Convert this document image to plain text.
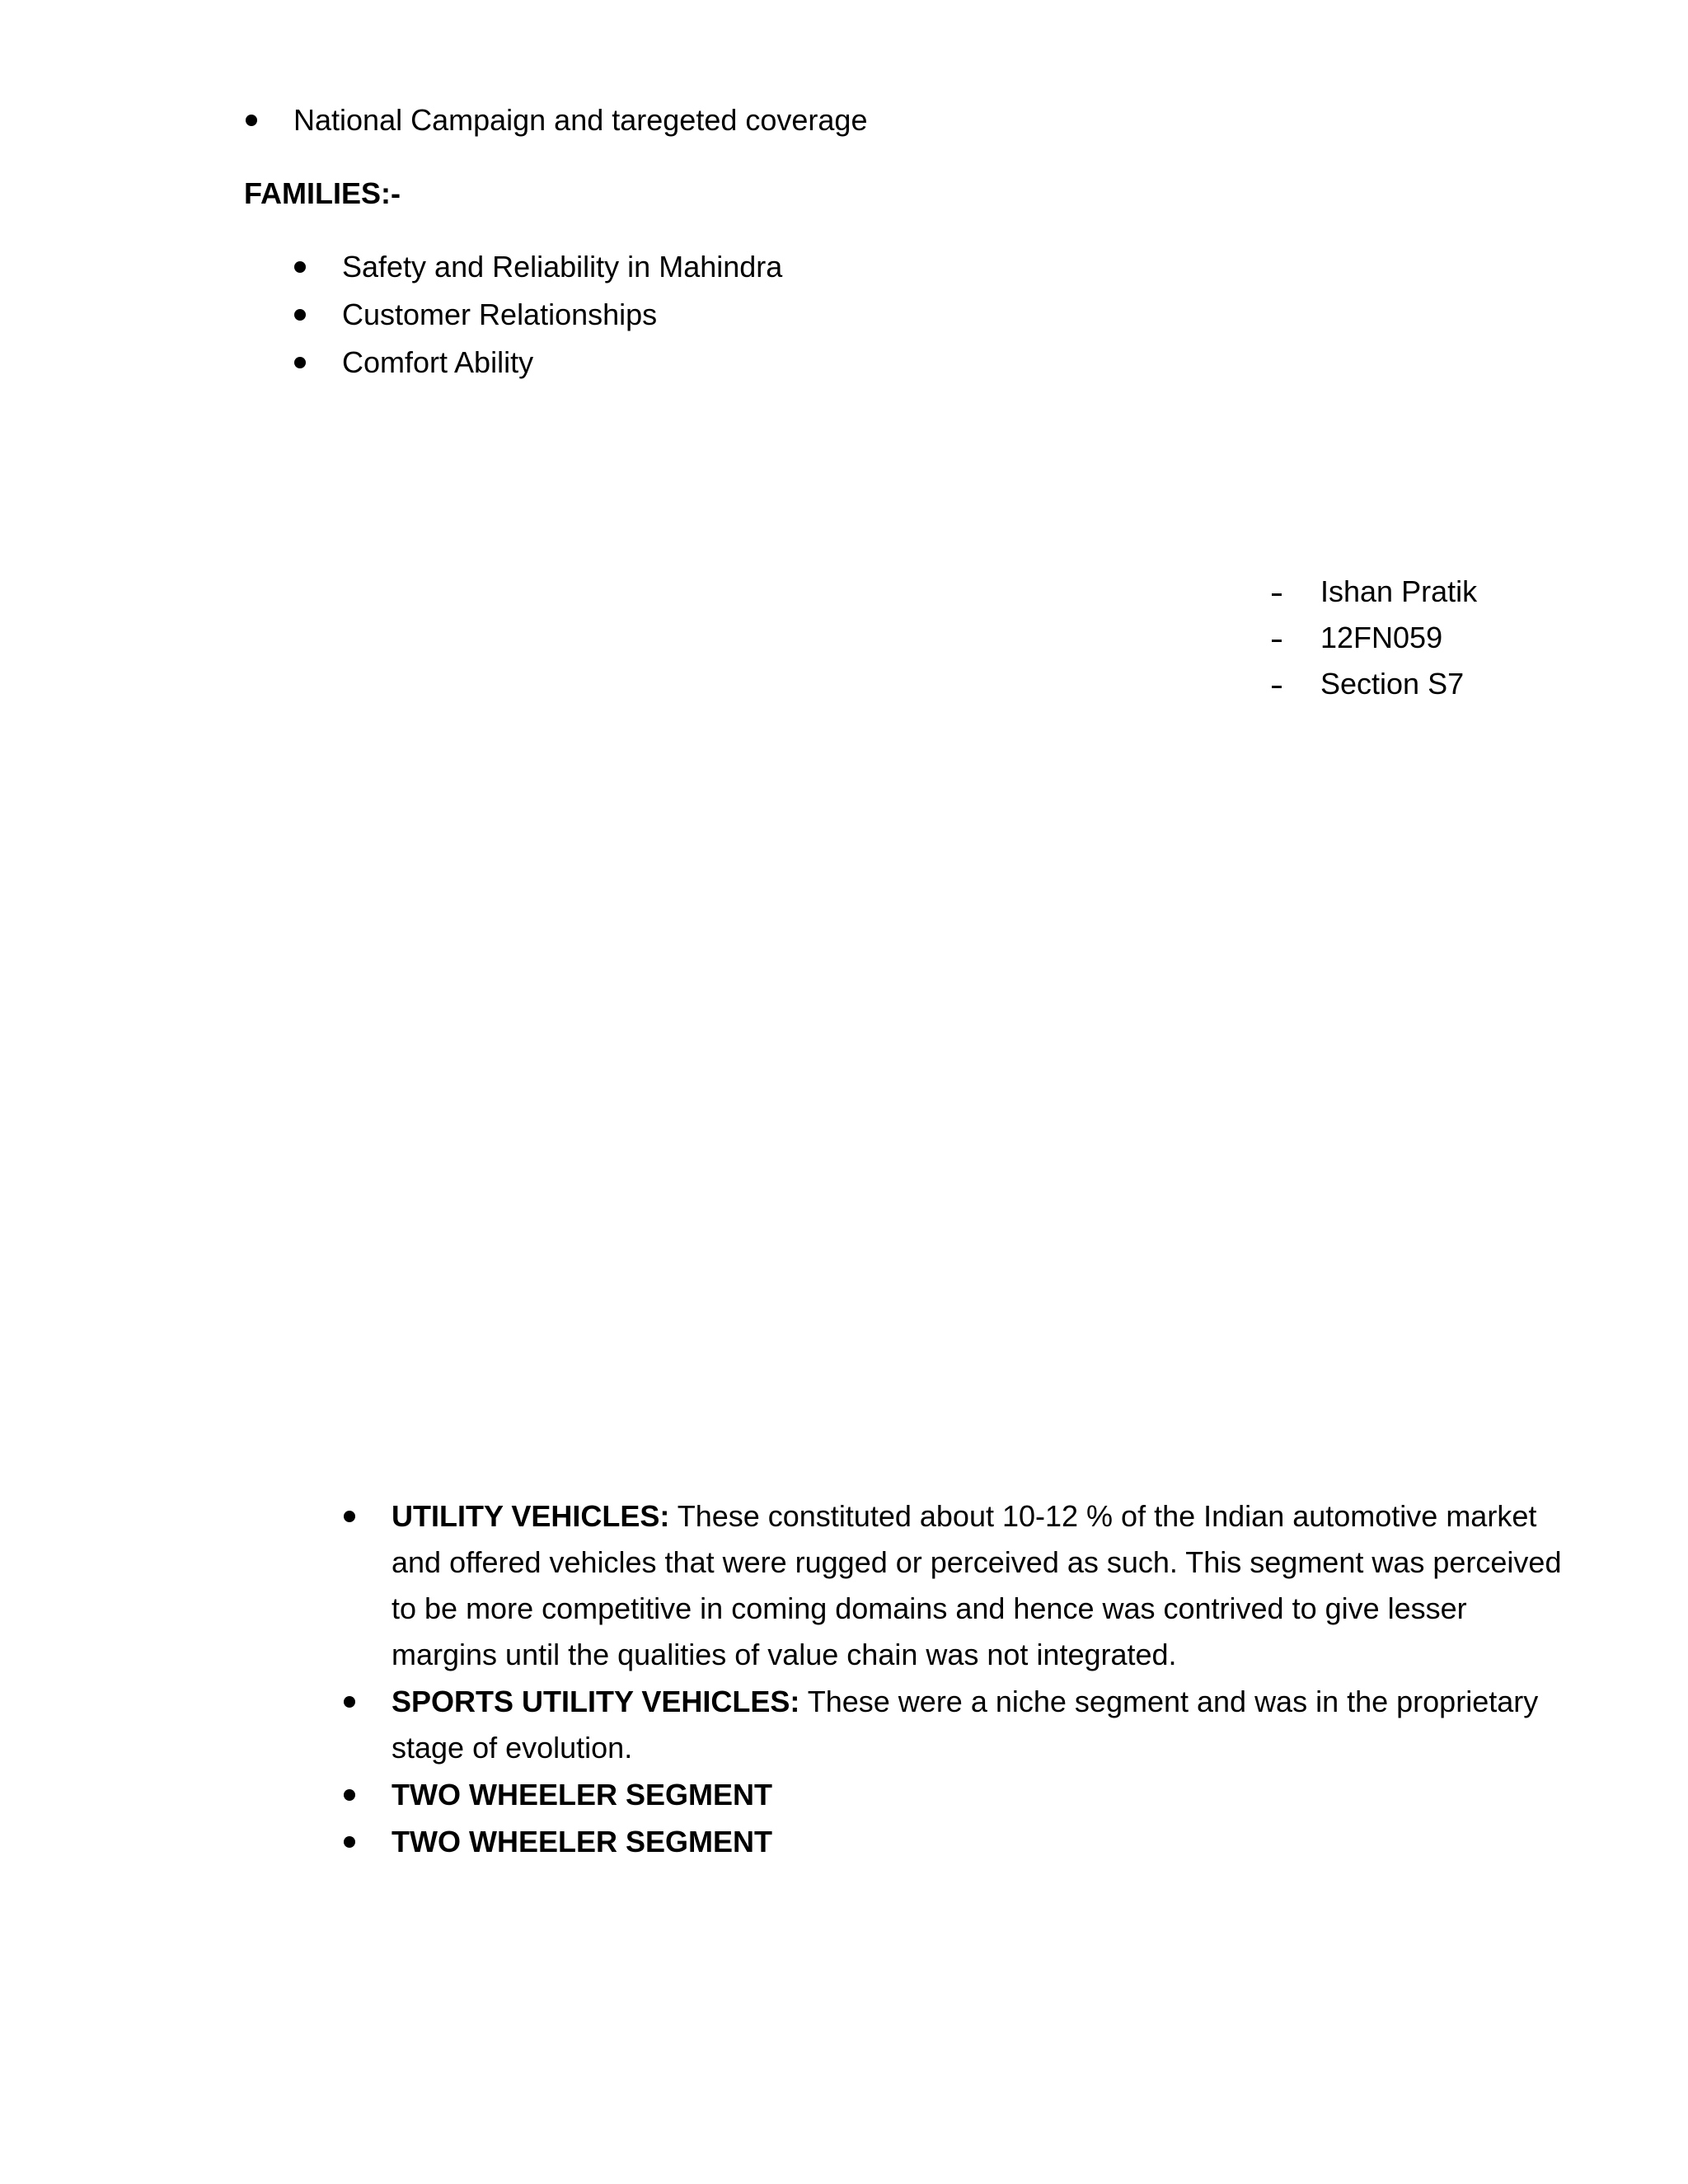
National Campaign and taregeted coverage
FAMILIES:-
Safety and Reliability in Mahindra
Customer Relationships
Comfort Ability
Ishan Pratik
12FN059
Section S7
UTILITY VEHICLES: These constituted about 10-12 % of the Indian automotive market
and offered vehicles that were rugged or perceived as such. This segment was perceived
to be more competitive in coming domains and hence was contrived to give lesser
margins until the qualities of value chain was not integrated.
SPORTS UTILITY VEHICLES: These were a niche segment and was in the proprietary
stage of evolution.
TWO WHEELER SEGMENT
TWO WHEELER SEGMENT
